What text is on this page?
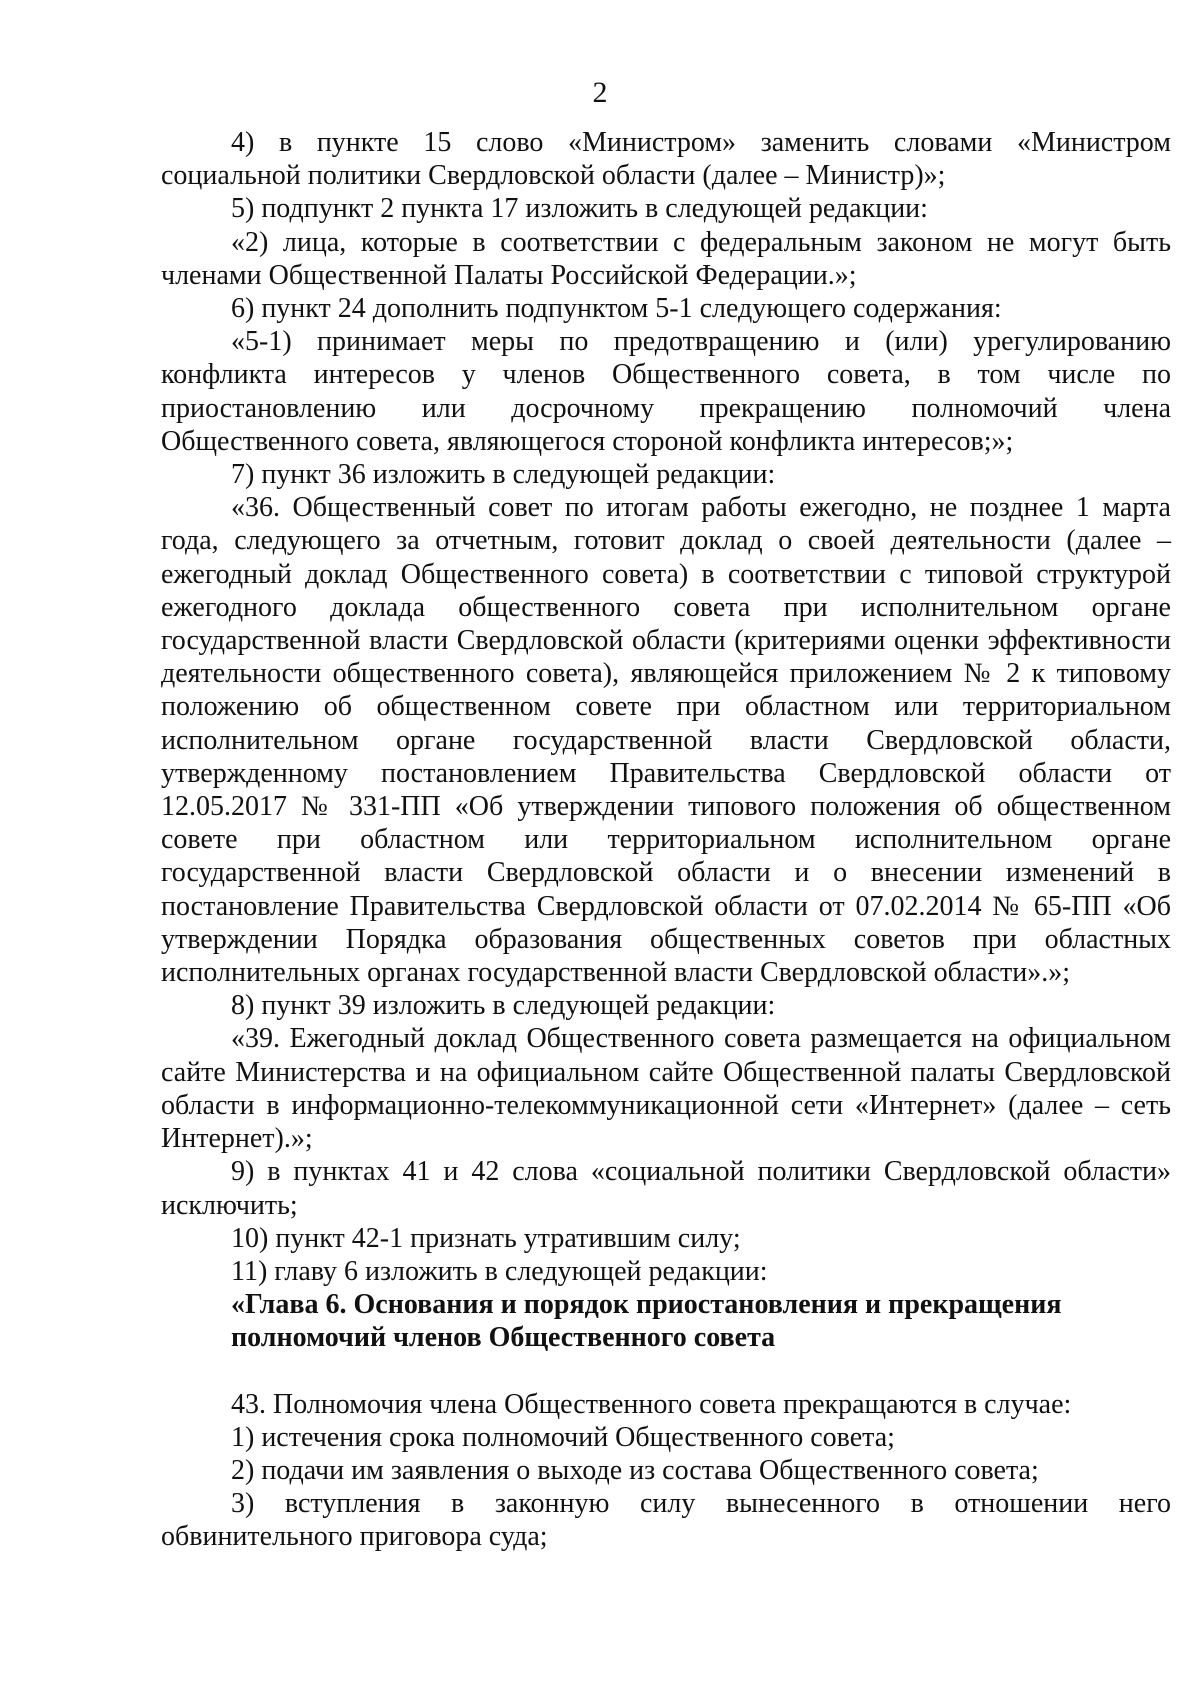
2

4) в пункте 15 слово «Министром» заменить словами «Министром социальной политики Свердловской области (далее – Министр)»;

5) подпункт 2 пункта 17 изложить в следующей редакции:

«2) лица, которые в соответствии с федеральным законом не могут быть членами Общественной Палаты Российской Федерации.»;

6) пункт 24 дополнить подпунктом 5-1 следующего содержания:

«5-1) принимает меры по предотвращению и (или) урегулированию конфликта интересов у членов Общественного совета, в том числе по приостановлению или досрочному прекращению полномочий члена Общественного совета, являющегося стороной конфликта интересов;»;

7) пункт 36 изложить в следующей редакции:

«36. Общественный совет по итогам работы ежегодно, не позднее 1 марта года, следующего за отчетным, готовит доклад о своей деятельности (далее – ежегодный доклад Общественного совета) в соответствии с типовой структурой ежегодного доклада общественного совета при исполнительном органе государственной власти Свердловской области (критериями оценки эффективности деятельности общественного совета), являющейся приложением № 2 к типовому положению об общественном совете при областном или территориальном исполнительном органе государственной власти Свердловской области, утвержденному постановлением Правительства Свердловской области от 12.05.2017 № 331-ПП «Об утверждении типового положения об общественном совете при областном или территориальном исполнительном органе государственной власти Свердловской области и о внесении изменений в постановление Правительства Свердловской области от 07.02.2014 № 65-ПП «Об утверждении Порядка образования общественных советов при областных исполнительных органах государственной власти Свердловской области».»;

8) пункт 39 изложить в следующей редакции:

«39. Ежегодный доклад Общественного совета размещается на официальном сайте Министерства и на официальном сайте Общественной палаты Свердловской области в информационно-телекоммуникационной сети «Интернет» (далее – сеть Интернет).»;

9) в пунктах 41 и 42 слова «социальной политики Свердловской области» исключить;

10) пункт 42-1 признать утратившим силу;

11) главу 6 изложить в следующей редакции:

«Глава 6. Основания и порядок приостановления и прекращения
полномочий членов Общественного совета

43. Полномочия члена Общественного совета прекращаются в случае:

1) истечения срока полномочий Общественного совета;

2) подачи им заявления о выходе из состава Общественного совета;

3) вступления в законную силу вынесенного в отношении него обвинительного приговора суда;
